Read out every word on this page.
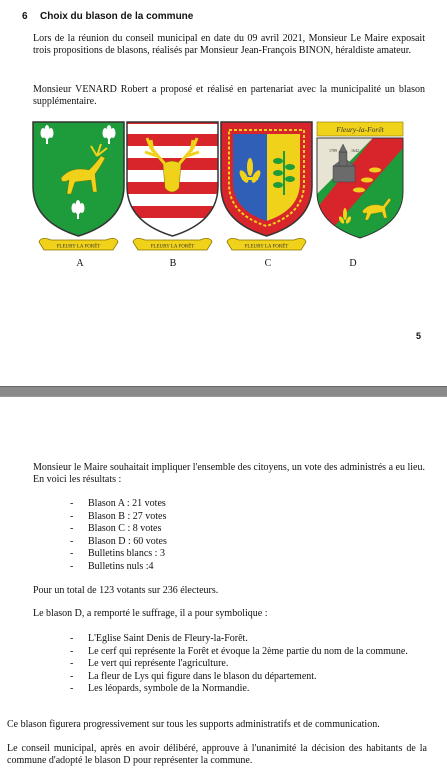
6 Choix du blason de la commune
Lors de la réunion du conseil municipal en date du 09 avril 2021, Monsieur Le Maire exposait trois propositions de blasons, réalisés par Monsieur Jean-François BINON, héraldiste amateur.
Monsieur VENARD Robert a proposé et réalisé en partenariat avec la municipalité un blason supplémentaire.
FLEURY LA FORÊT	FLEURY LA FORÊT	FLEURY LA FORÊT
Fleury-la-Forêt
1789	1642
A	B	C	D
5
Monsieur le Maire souhaitait impliquer l'ensemble des citoyens, un vote des administrés a eu lieu. En voici les résultats :
- Blason A : 21 votes
- Blason B : 27 votes
- Blason C : 8 votes
- Blason D : 60 votes
- Bulletins blancs : 3
- Bulletins nuls :4
Pour un total de 123 votants sur 236 électeurs.
Le blason D, a remporté le suffrage, il a pour symbolique :
- L'Eglise Saint Denis de Fleury-la-Forêt.
- Le cerf qui représente la Forêt et évoque la 2ème partie du nom de la commune.
- Le vert qui représente l'agriculture.
- La fleur de Lys qui figure dans le blason du département.
- Les léopards, symbole de la Normandie.
Ce blason figurera progressivement sur tous les supports administratifs et de communication.
Le conseil municipal, après en avoir délibéré, approuve à l'unanimité la décision des habitants de la commune d'adopté le blason D pour représenter la commune.
